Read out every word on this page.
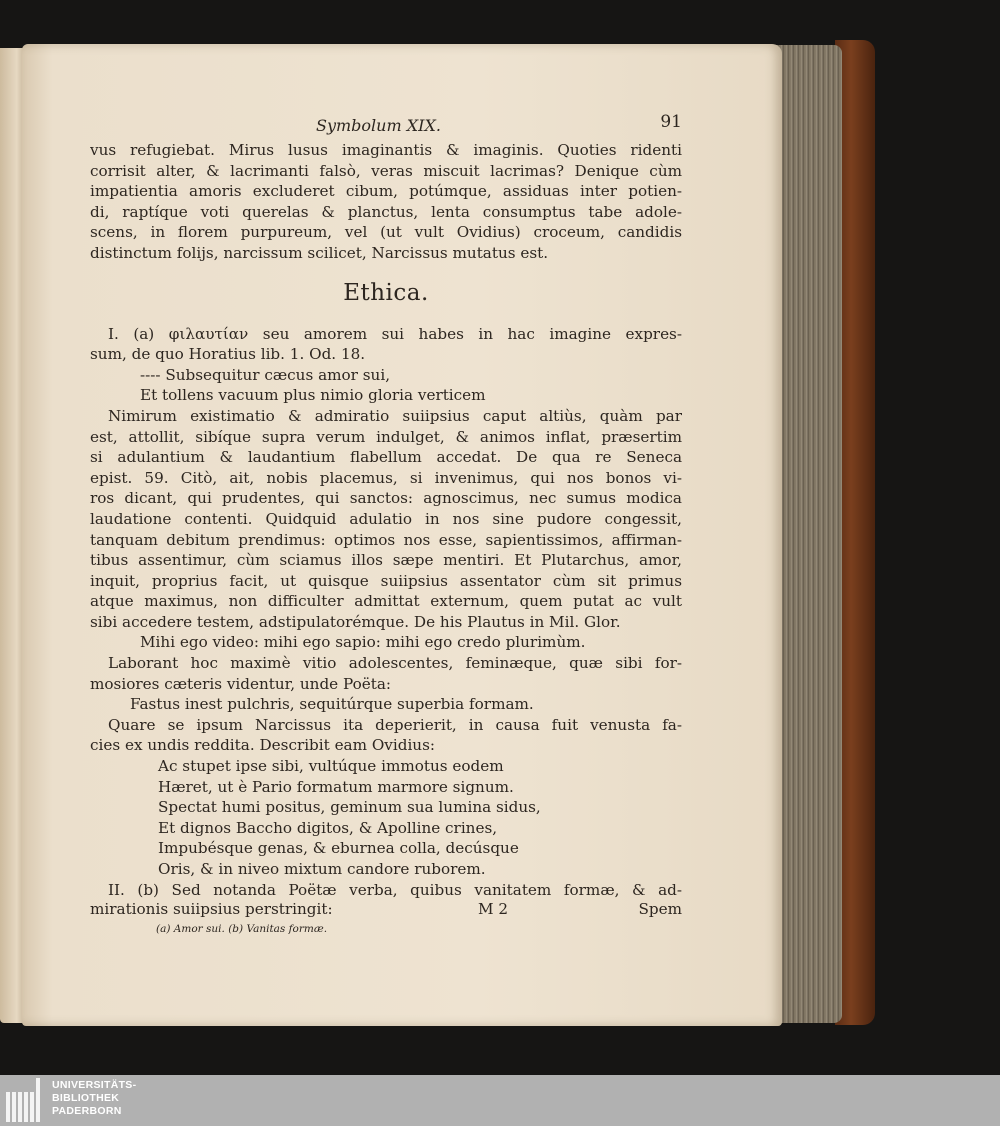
Symbolum XIX.	91
vus refugiebat. Mirus lusus imaginantis & imaginis. Quoties ridenti
corrisit alter, & lacrimanti falsò, veras miscuit lacrimas? Denique cùm
impatientia amoris excluderet cibum, potúmque, assiduas inter potien-
di, raptíque voti querelas & planctus, lenta consumptus tabe adole-
scens, in florem purpureum, vel (ut vult Ovidius) croceum, candidis
distinctum folijs, narcissum scilicet, Narcissus mutatus est.
Ethica.
I. (a) φιλαυτίαν seu amorem sui habes in hac imagine expres-
sum, de quo Horatius lib. 1. Od. 18.
---- Subsequitur cæcus amor sui,
Et tollens vacuum plus nimio gloria verticem
Nimirum existimatio & admiratio suiipsius caput altiùs, quàm par
est, attollit, sibíque supra verum indulget, & animos inflat, præsertim
si adulantium & laudantium flabellum accedat. De qua re Seneca
epist. 59. Citò, ait, nobis placemus, si invenimus, qui nos bonos vi-
ros dicant, qui prudentes, qui sanctos: agnoscimus, nec sumus modica
laudatione contenti. Quidquid adulatio in nos sine pudore congessit,
tanquam debitum prendimus: optimos nos esse, sapientissimos, affirman-
tibus assentimur, cùm sciamus illos sæpe mentiri. Et Plutarchus, amor,
inquit, proprius facit, ut quisque suiipsius assentator cùm sit primus
atque maximus, non difficulter admittat externum, quem putat ac vult
sibi accedere testem, adstipulatorémque. De his Plautus in Mil. Glor.
Mihi ego video: mihi ego sapio: mihi ego credo plurimùm.
Laborant hoc maximè vitio adolescentes, feminæque, quæ sibi for-
mosiores cæteris videntur, unde Poëta:
Fastus inest pulchris, sequitúrque superbia formam.
Quare se ipsum Narcissus ita deperierit, in causa fuit venusta fa-
cies ex undis reddita. Describit eam Ovidius:
Ac stupet ipse sibi, vultúque immotus eodem
Hæret, ut è Pario formatum marmore signum.
Spectat humi positus, geminum sua lumina sidus,
Et dignos Baccho digitos, & Apolline crines,
Impubésque genas, & eburnea colla, decúsque
Oris, & in niveo mixtum candore ruborem.
II. (b) Sed notanda Poëtæ verba, quibus vanitatem formæ, & ad-
mirationis suiipsius perstringit:	M 2	Spem
(a) Amor sui. (b) Vanitas formæ.
UNIVERSITÄTS-
BIBLIOTHEK
PADERBORN
